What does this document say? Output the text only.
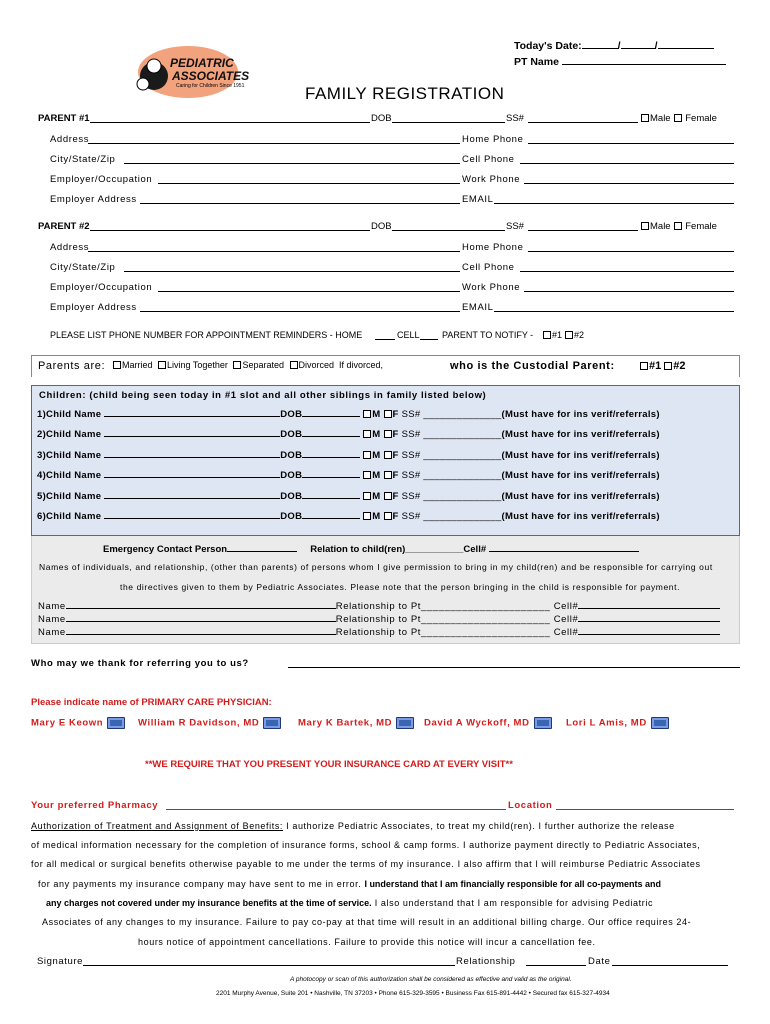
PEDIATRIC
ASSOCIATES
Caring for Children Since 1951
Today's Date:	/	/
PT Name
FAMILY REGISTRATION
PARENT #1	DOB	SS#	Male Female
Address	Home Phone
City/State/Zip	Cell Phone
Employer/Occupation	Work Phone
Employer Address	EMAIL
PARENT #2	DOB	SS#	Male Female
Address	Home Phone
City/State/Zip	Cell Phone
Employer/Occupation	Work Phone
Employer Address	EMAIL
PLEASE LIST PHONE NUMBER FOR APPOINTMENT REMINDERS - HOME	CELL PARENT TO NOTIFY -	#1 #2
Parents are:	Married Living Together Separated Divorced If divorced,	who is the Custodial Parent:	#1 #2
Children: (child being seen today in #1 slot and all other siblings in family listed below)
1)Child Name	DOB	M F SS# ______________(Must have for ins verif/referrals)
2)Child Name	DOB	M F SS# ______________(Must have for ins verif/referrals)
3)Child Name	DOB	M F SS# ______________(Must have for ins verif/referrals)
4)Child Name	DOB	M F SS# ______________(Must have for ins verif/referrals)
5)Child Name	DOB	M F SS# ______________(Must have for ins verif/referrals)
6)Child Name	DOB	M F SS# ______________(Must have for ins verif/referrals)
Emergency Contact Person	Relation to child(ren)___________Cell#
Names of individuals, and relationship, (other than parents) of persons whom I give permission to bring in my child(ren) and be responsible for carrying out
the directives given to them by Pediatric Associates. Please note that the person bringing in the child is responsible for payment.
Name	Relationship to Pt______________________ Cell#
Name	Relationship to Pt______________________ Cell#
Name	Relationship to Pt______________________ Cell#
Who may we thank for referring you to us?
Please indicate name of PRIMARY CARE PHYSICIAN:
Mary E Keown	William R Davidson, MD	Mary K Bartek, MD	David A Wyckoff, MD	Lori L Amis, MD
**WE REQUIRE THAT YOU PRESENT YOUR INSURANCE CARD AT EVERY VISIT**
Your preferred Pharmacy	Location
Authorization of Treatment and Assignment of Benefits: I authorize Pediatric Associates, to treat my child(ren). I further authorize the release
of medical information necessary for the completion of insurance forms, school & camp forms. I authorize payment directly to Pediatric Associates,
for all medical or surgical benefits otherwise payable to me under the terms of my insurance. I also affirm that I will reimburse Pediatric Associates
for any payments my insurance company may have sent to me in error. I understand that I am financially responsible for all co-payments and
any charges not covered under my insurance benefits at the time of service. I also understand that I am responsible for advising Pediatric
Associates of any changes to my insurance. Failure to pay co-pay at that time will result in an additional billing charge. Our office requires 24-
hours notice of appointment cancellations. Failure to provide this notice will incur a cancellation fee.
Signature	Relationship	Date
A photocopy or scan of this authorization shall be considered as effective and valid as the original.
2201 Murphy Avenue, Suite 201 • Nashville, TN 37203 • Phone 615-329-3595 • Business Fax 615-891-4442 • Secured fax 615-327-4934
